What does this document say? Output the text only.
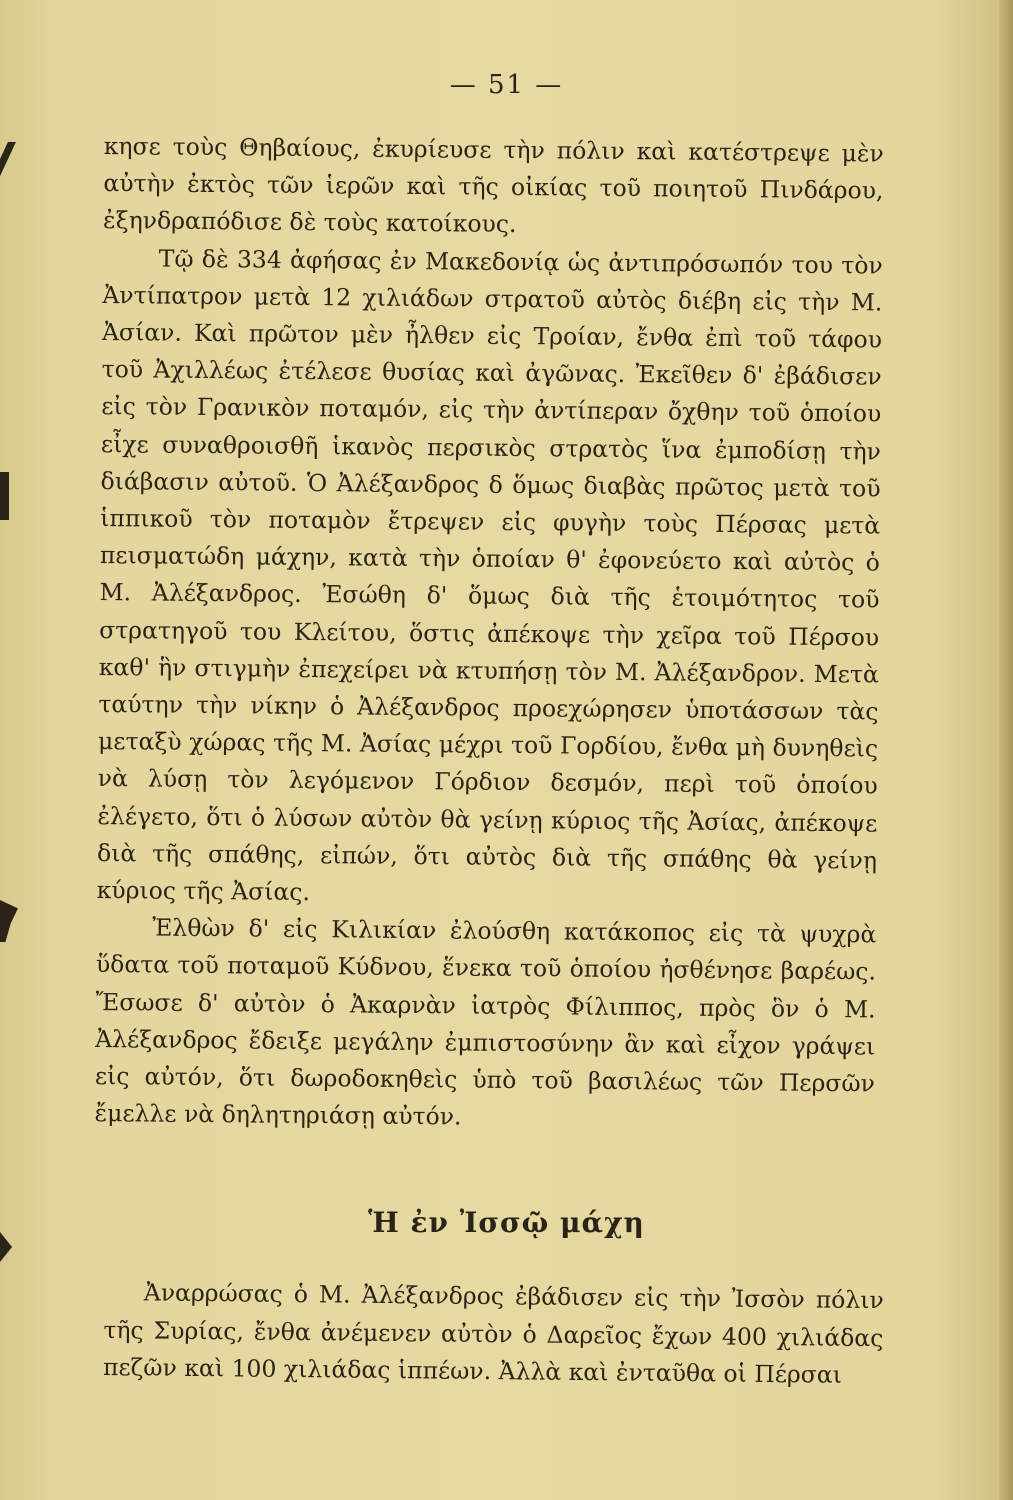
— 51 —

κησε τοὺς Θηβαίους, ἐκυρίευσε τὴν πόλιν καὶ κατέστρεψε μὲν αὐτὴν ἐκτὸς τῶν ἱερῶν καὶ τῆς οἰκίας τοῦ ποιητοῦ Πινδάρου, ἐξηνδραπόδισε δὲ τοὺς κατοίκους.

Τῷ δὲ 334 ἀφήσας ἐν Μακεδονίᾳ ὡς ἀντιπρόσωπόν του τὸν Ἀντίπατρον μετὰ 12 χιλιάδων στρατοῦ αὐτὸς διέβη εἰς τὴν Μ. Ἀσίαν. Καὶ πρῶτον μὲν ἦλθεν εἰς Τροίαν, ἔνθα ἐπὶ τοῦ τάφου τοῦ Ἀχιλλέως ἐτέλεσε θυσίας καὶ ἀγῶνας. Ἐκεῖθεν δ' ἐβάδισεν εἰς τὸν Γρανικὸν ποταμόν, εἰς τὴν ἀντίπεραν ὄχθην τοῦ ὁποίου εἶχε συναθροισθῆ ἱκανὸς περσικὸς στρατὸς ἵνα ἐμποδίσῃ τὴν διάβασιν αὐτοῦ. Ὁ Ἀλέξανδρος δ ὅμως διαβὰς πρῶτος μετὰ τοῦ ἱππικοῦ τὸν ποταμὸν ἔτρεψεν εἰς φυγὴν τοὺς Πέρσας μετὰ πεισματώδη μάχην, κατὰ τὴν ὁποίαν θ' ἐφονεύετο καὶ αὐτὸς ὁ Μ. Ἀλέξανδρος. Ἐσώθη δ' ὅμως διὰ τῆς ἑτοιμότητος τοῦ στρατηγοῦ του Κλείτου, ὅστις ἀπέκοψε τὴν χεῖρα τοῦ Πέρσου καθ' ἣν στιγμὴν ἐπεχείρει νὰ κτυπήσῃ τὸν Μ. Ἀλέξανδρον. Μετὰ ταύτην τὴν νίκην ὁ Ἀλέξανδρος προεχώρησεν ὑποτάσσων τὰς μεταξὺ χώρας τῆς Μ. Ἀσίας μέχρι τοῦ Γορδίου, ἔνθα μὴ δυνηθεὶς νὰ λύσῃ τὸν λεγόμενον Γόρδιον δεσμόν, περὶ τοῦ ὁποίου ἐλέγετο, ὅτι ὁ λύσων αὐτὸν θὰ γείνῃ κύριος τῆς Ἀσίας, ἀπέκοψε διὰ τῆς σπάθης, εἰπών, ὅτι αὐτὸς διὰ τῆς σπάθης θὰ γείνῃ κύριος τῆς Ἀσίας.

Ἐλθὼν δ' εἰς Κιλικίαν ἐλούσθη κατάκοπος εἰς τὰ ψυχρὰ ὕδατα τοῦ ποταμοῦ Κύδνου, ἕνεκα τοῦ ὁποίου ἠσθένησε βαρέως. Ἔσωσε δ' αὐτὸν ὁ Ἀκαρνὰν ἰατρὸς Φίλιππος, πρὸς ὃν ὁ Μ. Ἀλέξανδρος ἔδειξε μεγάλην ἐμπιστοσύνην ἂν καὶ εἶχον γράψει εἰς αὐτόν, ὅτι δωροδοκηθεὶς ὑπὸ τοῦ βασιλέως τῶν Περσῶν ἔμελλε νὰ δηλητηριάσῃ αὐτόν.

Ἡ ἐν Ἰσσῷ μάχη

Ἀναρρώσας ὁ Μ. Ἀλέξανδρος ἐβάδισεν εἰς τὴν Ἰσσὸν πόλιν τῆς Συρίας, ἔνθα ἀνέμενεν αὐτὸν ὁ Δαρεῖος ἔχων 400 χιλιάδας πεζῶν καὶ 100 χιλιάδας ἱππέων. Ἀλλὰ καὶ ἐνταῦθα οἱ Πέρσαι
